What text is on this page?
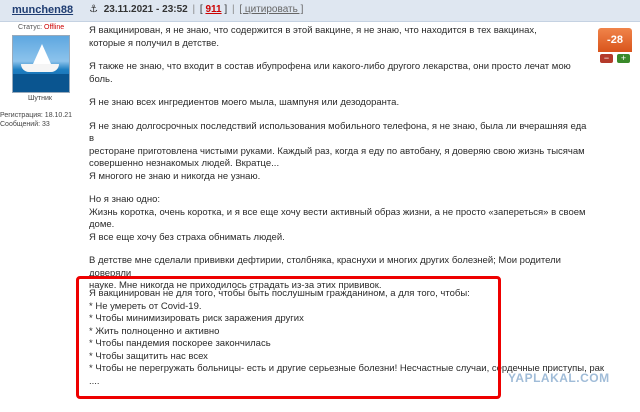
munchen88 ⚓ 23.11.2021 - 23:52 | [ 911 ] | [ цитировать ]
Статус: Offline
Шутник
Регистрация: 18.10.21
Сообщений: 33
-28
−	+

Я вакцинирован, я не знаю, что содержится в этой вакцине, я не знаю, что находится в тех вакцинах,
которые я получил в детстве.

Я также не знаю, что входит в состав ибупрофена или какого-либо другого лекарства, они просто лечат мою
боль.

Я не знаю всех ингредиентов моего мыла, шампуня или дезодоранта.

Я не знаю долгосрочных последствий использования мобильного телефона, я не знаю, была ли вчерашняя еда в
ресторане приготовлена чистыми руками. Каждый раз, когда я еду по автобану, я доверяю свою жизнь тысячам
совершенно незнакомых людей. Вкратце...
Я многого не знаю и никогда не узнаю.

Но я знаю одно:
Жизнь коротка, очень коротка, и я все еще хочу вести активный образ жизни, а не просто «запереться» в своем доме.
Я все еще хочу без страха обнимать людей.

В детстве мне сделали прививки дефтирии, столбняка, краснухи и многих других болезней; Мои родители доверяли
науке. Мне никогда не приходилось страдать из-за этих прививок.

Я вакцинирован не для того, чтобы быть послушным гражданином, а для того, чтобы:
* Не умереть от Covid-19.
* Чтобы минимизировать риск заражения других
* Жить полноценно и активно
* Чтобы пандемия поскорее закончилась
* Чтобы защитить нас всех
* Чтобы не перегружать больницы- есть и другие серьезные болезни! Несчастные случаи, сердечные приступы, рак
....	YAPLAKAL.COM
